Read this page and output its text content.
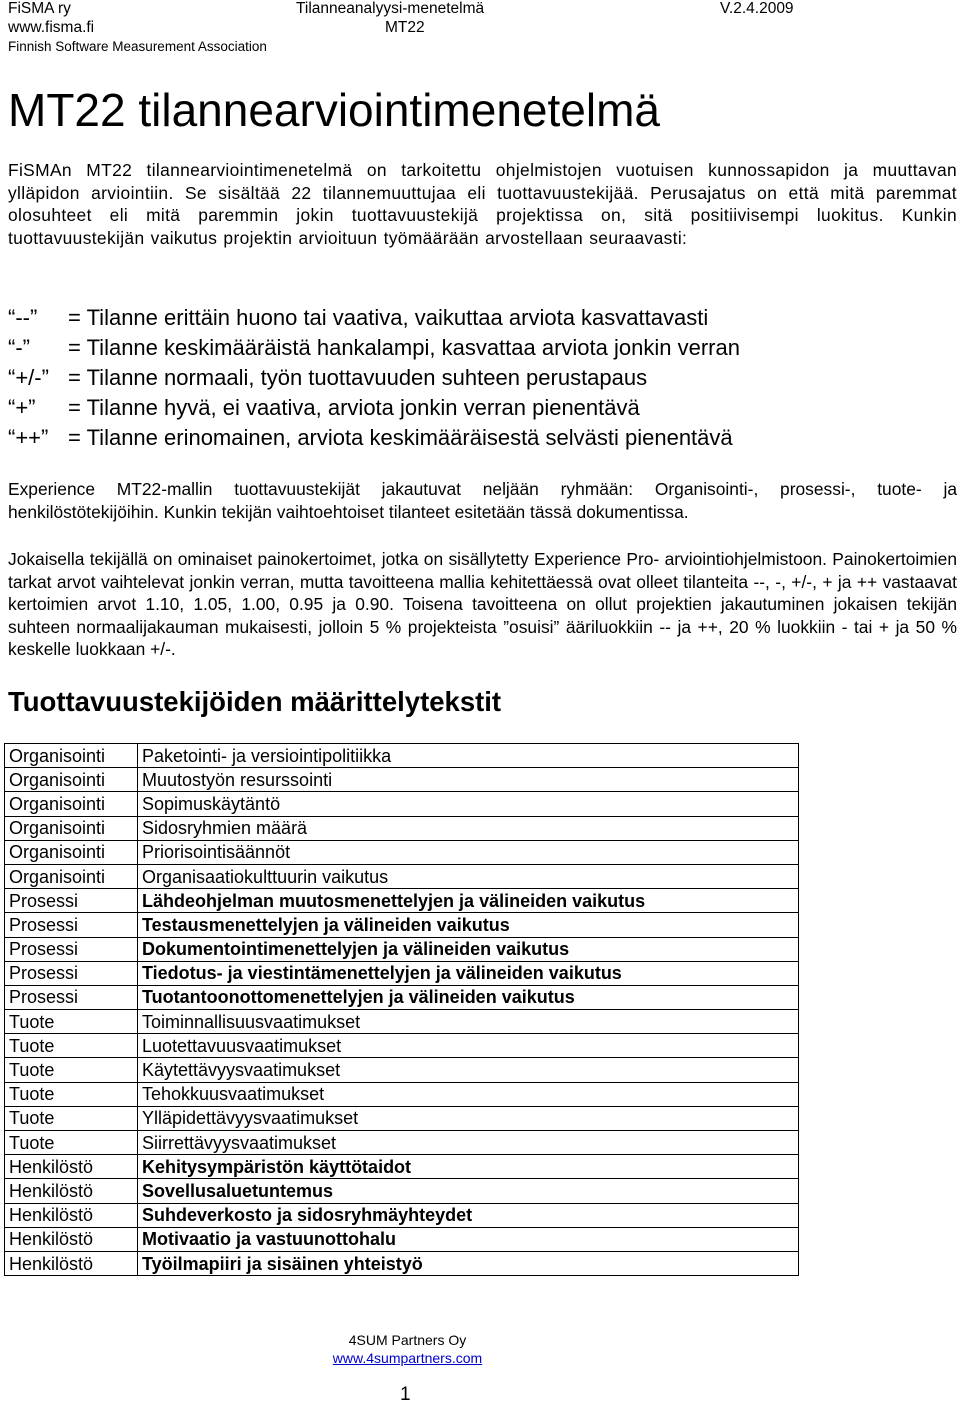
FiSMA ry
www.fisma.fi
Finnish Software Measurement Association
Tilanneanalyysi-menetelmä
MT22
V.2.4.2009
MT22 tilannearviointimenetelmä

FiSMAn MT22 tilannearviointimenetelmä on tarkoitettu ohjelmistojen vuotuisen kunnossapidon ja muuttavan ylläpidon arviointiin. Se sisältää 22 tilannemuuttujaa eli tuottavuustekijää. Perusajatus on että mitä paremmat olosuhteet eli mitä paremmin jokin tuottavuustekijä projektissa on, sitä positiivisempi luokitus. Kunkin tuottavuustekijän vaikutus projektin arvioituun työmäärään arvostellaan seuraavasti:

“--” = Tilanne erittäin huono tai vaativa, vaikuttaa arviota kasvattavasti
“-” = Tilanne keskimääräistä hankalampi, kasvattaa arviota jonkin verran
“+/-” = Tilanne normaali, työn tuottavuuden suhteen perustapaus
“+” = Tilanne hyvä, ei vaativa, arviota jonkin verran pienentävä
“++” = Tilanne erinomainen, arviota keskimääräisestä selvästi pienentävä

Experience MT22-mallin tuottavuustekijät jakautuvat neljään ryhmään: Organisointi-, prosessi-, tuote- ja henkilöstötekijöihin. Kunkin tekijän vaihtoehtoiset tilanteet esitetään tässä dokumentissa.

Jokaisella tekijällä on ominaiset painokertoimet, jotka on sisällytetty Experience Pro- arviointiohjelmistoon. Painokertoimien tarkat arvot vaihtelevat jonkin verran, mutta tavoitteena mallia kehitettäessä ovat olleet tilanteita --, -, +/-, + ja ++ vastaavat kertoimien arvot 1.10, 1.05, 1.00, 0.95 ja 0.90. Toisena tavoitteena on ollut projektien jakautuminen jokaisen tekijän suhteen normaalijakauman mukaisesti, jolloin 5 % projekteista ”osuisi” ääriluokkiin -- ja ++, 20 % luokkiin - tai + ja 50 % keskelle luokkaan +/-.

Tuottavuustekijöiden määrittelytekstit
Organisointi	Paketointi- ja versiointipolitiikka
Organisointi	Muutostyön resurssointi
Organisointi	Sopimuskäytäntö
Organisointi	Sidosryhmien määrä
Organisointi	Priorisointisäännöt
Organisointi	Organisaatiokulttuurin vaikutus
Prosessi	Lähdeohjelman muutosmenettelyjen ja välineiden vaikutus
Prosessi	Testausmenettelyjen ja välineiden vaikutus
Prosessi	Dokumentointimenettelyjen ja välineiden vaikutus
Prosessi	Tiedotus- ja viestintämenettelyjen ja välineiden vaikutus
Prosessi	Tuotantoonottomenettelyjen ja välineiden vaikutus
Tuote	Toiminnallisuusvaatimukset
Tuote	Luotettavuusvaatimukset
Tuote	Käytettävyysvaatimukset
Tuote	Tehokkuusvaatimukset
Tuote	Ylläpidettävyysvaatimukset
Tuote	Siirrettävyysvaatimukset
Henkilöstö	Kehitysympäristön käyttötaidot
Henkilöstö	Sovellusaluetuntemus
Henkilöstö	Suhdeverkosto ja sidosryhmäyhteydet
Henkilöstö	Motivaatio ja vastuunottohalu
Henkilöstö	Työilmapiiri ja sisäinen yhteistyö
4SUM Partners Oy
www.4sumpartners.com
1
